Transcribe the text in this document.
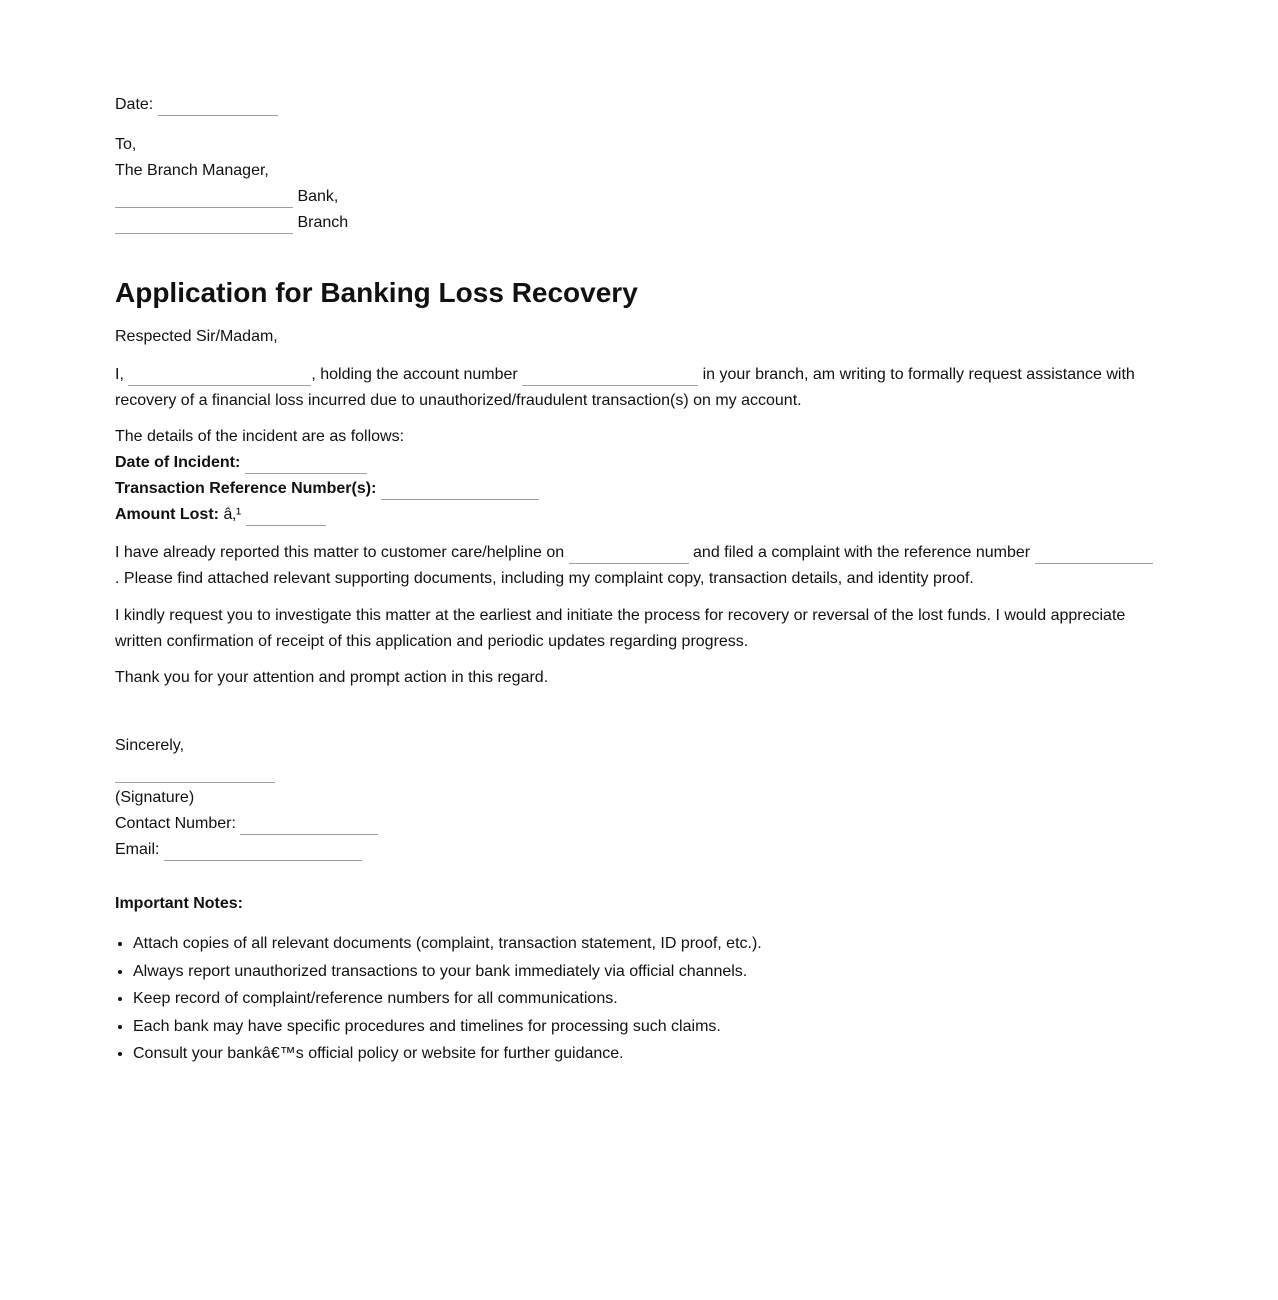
Date:

To,
The Branch Manager,
Bank,
Branch

Application for Banking Loss Recovery

Respected Sir/Madam,

I,	, holding the account number	in your branch, am writing to formally request assistance with recovery of a financial loss incurred due to unauthorized/fraudulent transaction(s) on my account.

The details of the incident are as follows:
Date of Incident:
Transaction Reference Number(s):
Amount Lost: â‚¹

I have already reported this matter to customer care/helpline on	and filed a complaint with the reference number  . Please find attached relevant supporting documents, including my complaint copy, transaction details, and identity proof.

I kindly request you to investigate this matter at the earliest and initiate the process for recovery or reversal of the lost funds. I would appreciate written confirmation of receipt of this application and periodic updates regarding progress.

Thank you for your attention and prompt action in this regard.

Sincerely,

(Signature)
Contact Number:
Email:

Important Notes:

• Attach copies of all relevant documents (complaint, transaction statement, ID proof, etc.).
• Always report unauthorized transactions to your bank immediately via official channels.
• Keep record of complaint/reference numbers for all communications.
• Each bank may have specific procedures and timelines for processing such claims.
• Consult your bankâ€™s official policy or website for further guidance.
